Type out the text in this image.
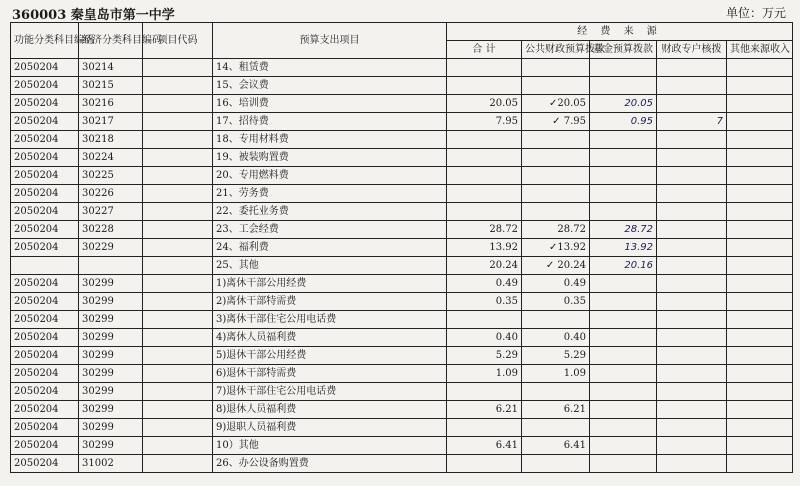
360003 秦皇岛市第一中学	单位：万元
功能分类科目编码	经济分类科目编码	项目代码	预算支出项目	经 费 来 源				
				合 计	公共财政预算拨款	基金预算拨款	财政专户核拨	其他来源收入
2050204	30214		14、租赁费					
2050204	30215		15、会议费					
2050204	30216		16、培训费	20.05	✓20.05	20.05		
2050204	30217		17、招待费	7.95	✓ 7.95	0.95	7	
2050204	30218		18、专用材料费					
2050204	30224		19、被装购置费					
2050204	30225		20、专用燃料费					
2050204	30226		21、劳务费					
2050204	30227		22、委托业务费					
2050204	30228		23、工会经费	28.72	28.72	28.72		
2050204	30229		24、福利费	13.92	✓13.92	13.92		
			25、其他	20.24	✓ 20.24	20.16		
2050204	30299		1)离休干部公用经费	0.49	0.49			
2050204	30299		2)离休干部特需费	0.35	0.35			
2050204	30299		3)离休干部住宅公用电话费					
2050204	30299		4)离休人员福利费	0.40	0.40			
2050204	30299		5)退休干部公用经费	5.29	5.29			
2050204	30299		6)退休干部特需费	1.09	1.09			
2050204	30299		7)退休干部住宅公用电话费					
2050204	30299		8)退休人员福利费	6.21	6.21			
2050204	30299		9)退职人员福利费					
2050204	30299		10）其他	6.41	6.41			
2050204	31002		26、办公设备购置费					
